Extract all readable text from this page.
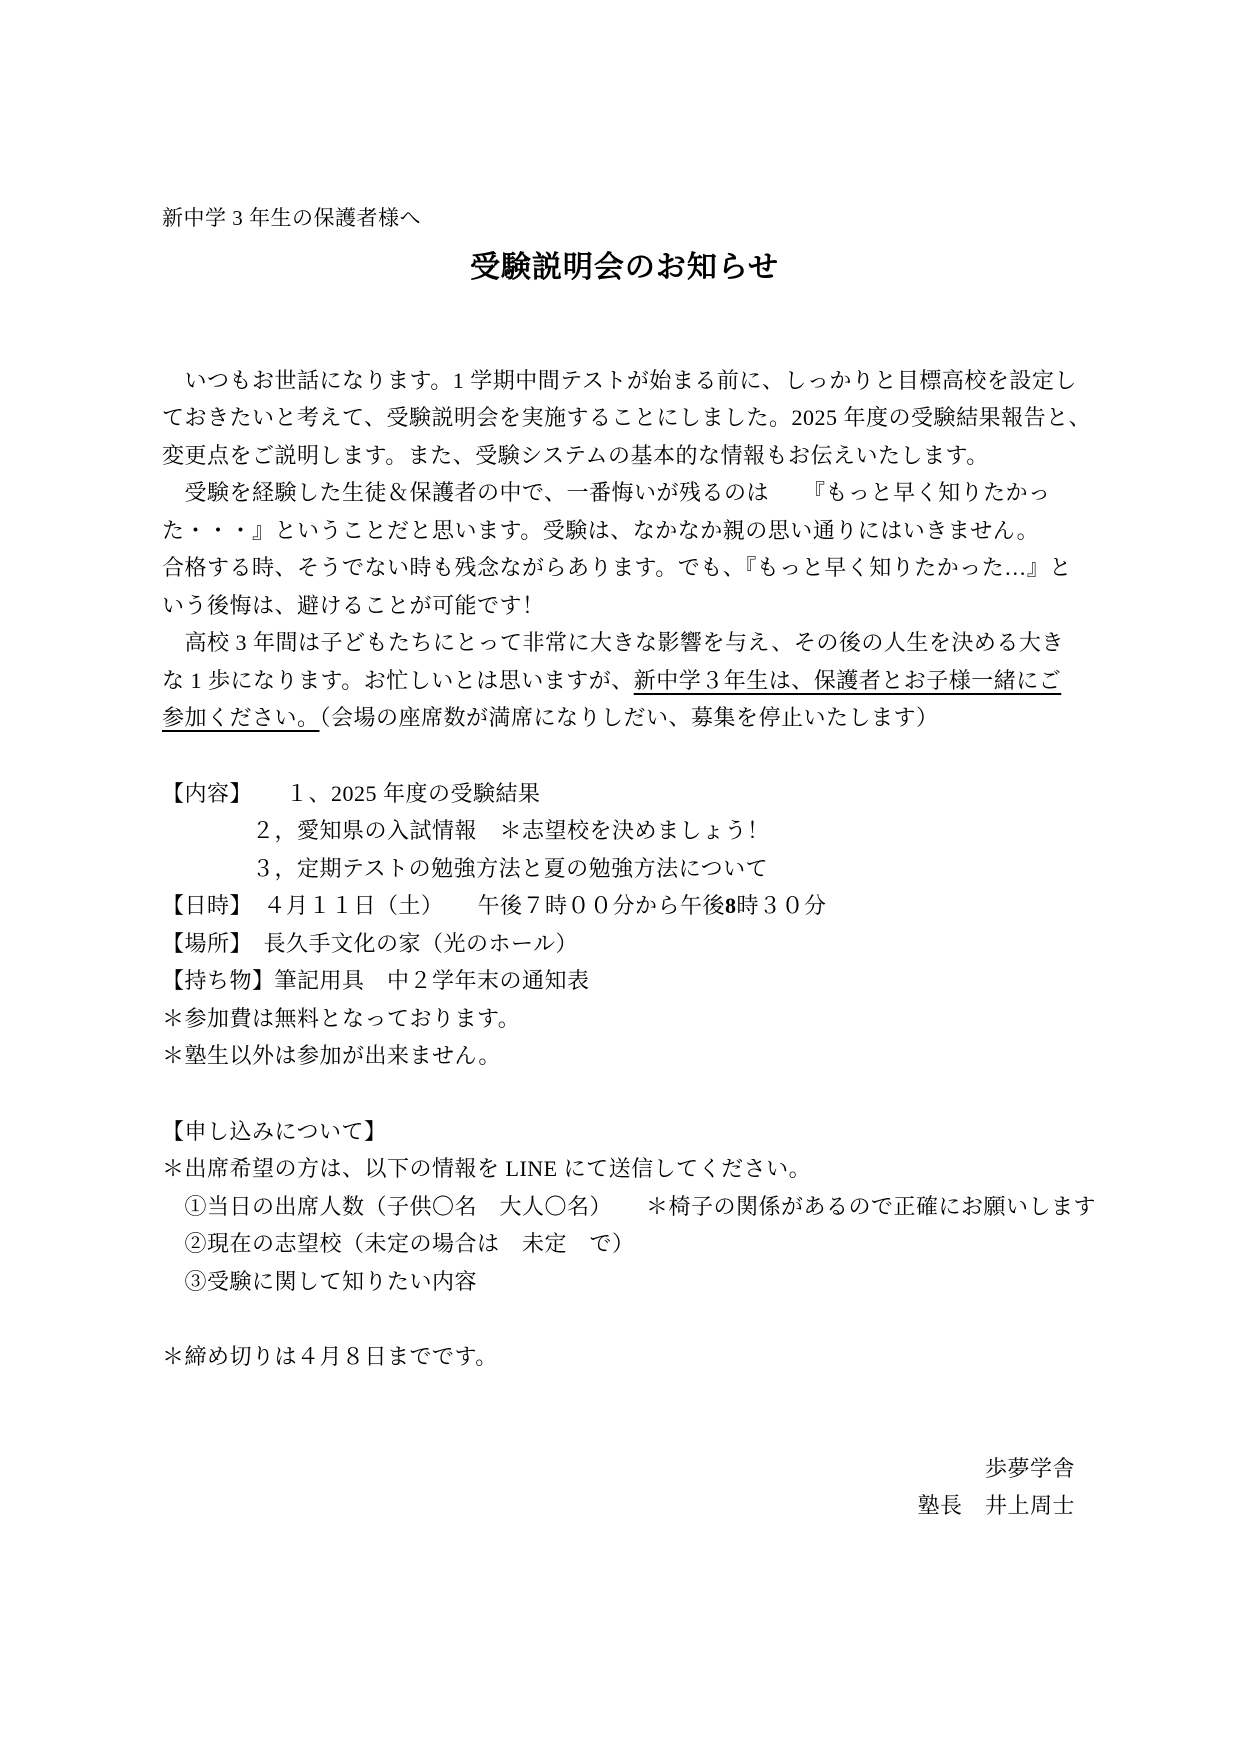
新中学 3 年生の保護者様へ
受験説明会のお知らせ
　いつもお世話になります。1 学期中間テストが始まる前に、しっかりと目標高校を設定し
ておきたいと考えて、受験説明会を実施することにしました。2025 年度の受験結果報告と、
変更点をご説明します。また、受験システムの基本的な情報もお伝えいたします。
　受験を経験した生徒＆保護者の中で、一番悔いが残るのは　　『もっと早く知りたかっ
た・・・』ということだと思います。受験は、なかなか親の思い通りにはいきません。
合格する時、そうでない時も残念ながらあります。でも、『もっと早く知りたかった…』と
いう後悔は、避けることが可能です！
　高校 3 年間は子どもたちにとって非常に大きな影響を与え、その後の人生を決める大き
な 1 歩になります。お忙しいとは思いますが、新中学３年生は、保護者とお子様一緒にご
参加ください。（会場の座席数が満席になりしだい、募集を停止いたします）
【内容】　　１、2025 年度の受験結果
　　　　２，愛知県の入試情報　＊志望校を決めましょう！
　　　　３，定期テストの勉強方法と夏の勉強方法について
【日時】　４月１１日（土）　　午後７時００分から午後8時３０分
【場所】　長久手文化の家（光のホール）
【持ち物】筆記用具　中２学年末の通知表
＊参加費は無料となっております。
＊塾生以外は参加が出来ません。
【申し込みについて】
＊出席希望の方は、以下の情報を LINE にて送信してください。
　①当日の出席人数（子供〇名　大人〇名）　　＊椅子の関係があるので正確にお願いします
　②現在の志望校（未定の場合は　未定　で）
　③受験に関して知りたい内容
＊締め切りは４月８日までです。
歩夢学舎
塾長　井上周士
